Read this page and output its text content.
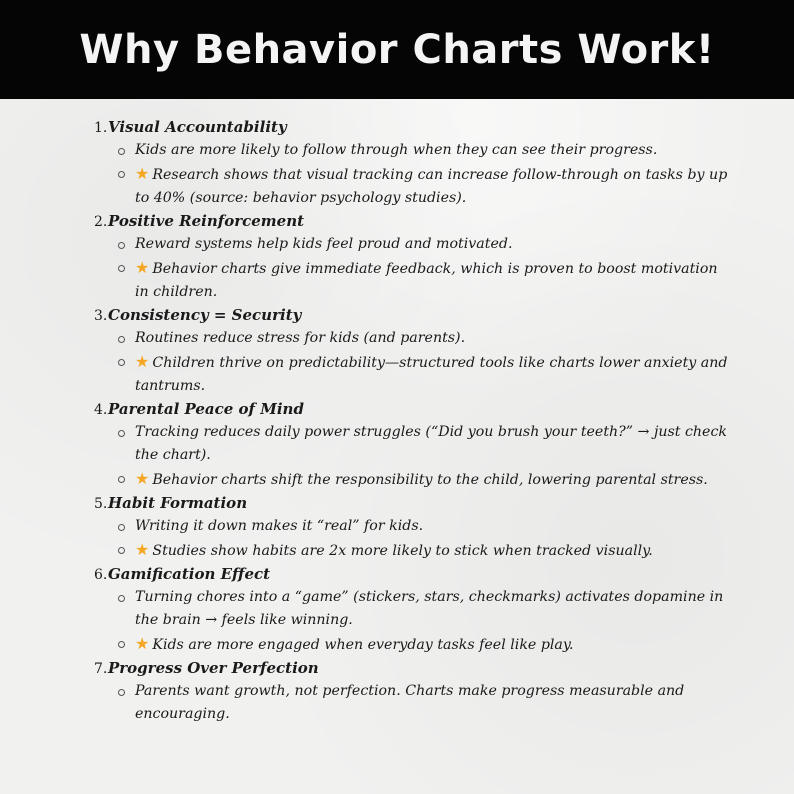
Why Behavior Charts Work!
1. Visual Accountability
Kids are more likely to follow through when they can see their progress.
★ Research shows that visual tracking can increase follow-through on tasks by up to 40% (source: behavior psychology studies).
2. Positive Reinforcement
Reward systems help kids feel proud and motivated.
★ Behavior charts give immediate feedback, which is proven to boost motivation in children.
3. Consistency = Security
Routines reduce stress for kids (and parents).
★ Children thrive on predictability—structured tools like charts lower anxiety and tantrums.
4. Parental Peace of Mind
Tracking reduces daily power struggles (“Did you brush your teeth?” → just check the chart).
★ Behavior charts shift the responsibility to the child, lowering parental stress.
5. Habit Formation
Writing it down makes it “real” for kids.
★ Studies show habits are 2x more likely to stick when tracked visually.
6. Gamification Effect
Turning chores into a “game” (stickers, stars, checkmarks) activates dopamine in the brain → feels like winning.
★ Kids are more engaged when everyday tasks feel like play.
7. Progress Over Perfection
Parents want growth, not perfection. Charts make progress measurable and encouraging.
